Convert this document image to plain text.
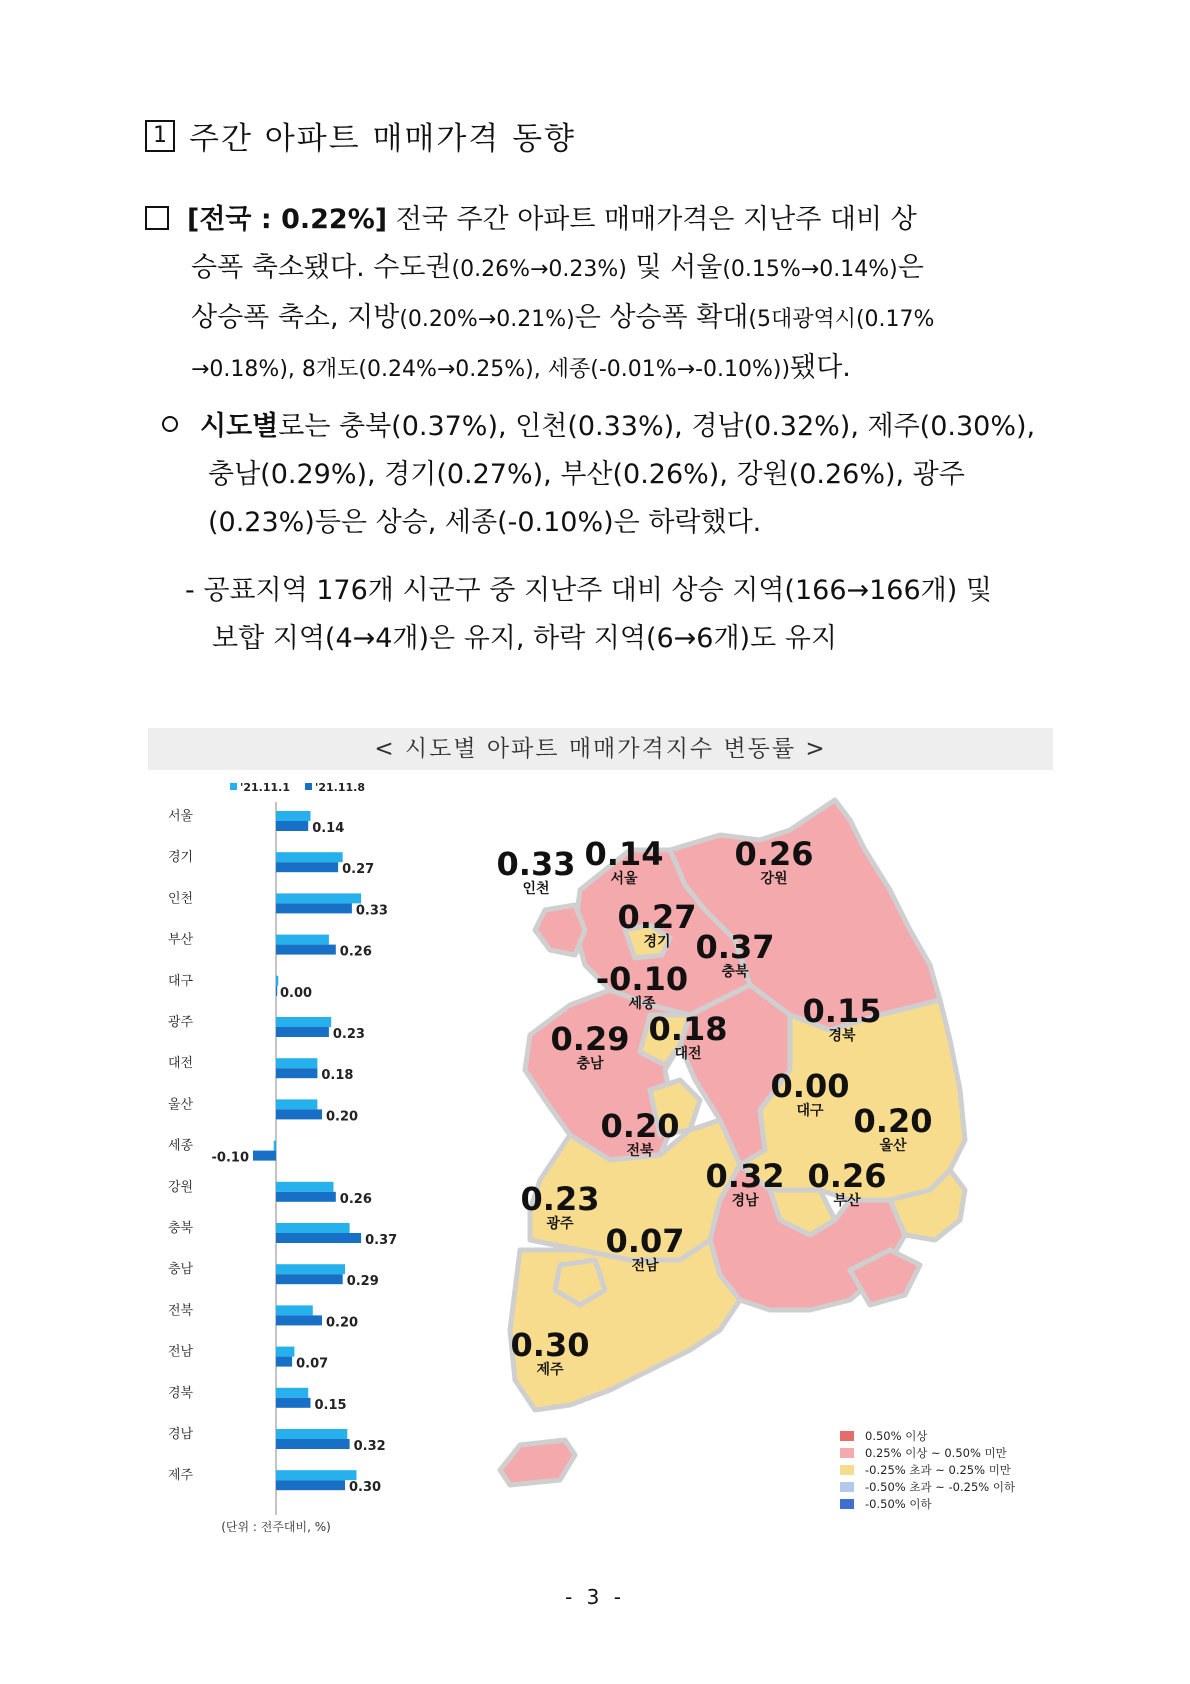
1 주간 아파트 매매가격 동향
[전국 : 0.22%] 전국 주간 아파트 매매가격은 지난주 대비 상
승폭 축소됐다. 수도권(0.26%→0.23%) 및 서울(0.15%→0.14%)은
상승폭 축소, 지방(0.20%→0.21%)은 상승폭 확대(5대광역시(0.17%
→0.18%), 8개도(0.24%→0.25%), 세종(-0.01%→-0.10%))됐다.
시도별로는 충북(0.37%), 인천(0.33%), 경남(0.32%), 제주(0.30%),
충남(0.29%), 경기(0.27%), 부산(0.26%), 강원(0.26%), 광주
(0.23%)등은 상승, 세종(-0.10%)은 하락했다.
- 공표지역 176개 시군구 중 지난주 대비 상승 지역(166→166개) 및
보합 지역(4→4개)은 유지, 하락 지역(6→6개)도 유지
< 시도별 아파트 매매가격지수 변동률 >
'21.11.1 '21.11.8
서울
0.14
경기
0.27
인천
0.33
부산
0.26
대구
0.00
광주
0.23
대전
0.18
울산
0.20
세종
-0.10
강원
0.26
충북
0.37
충남
0.29
전북
0.20
전남
0.07
경북
0.15
경남
0.32
제주
0.30
(단위 : 전주대비, %)
0.14
서울
0.33
인천
0.27
경기
0.26
강원
0.37
충북
-0.10
세종
0.29
충남
0.18
대전
0.15
경북
0.00
대구 0.20
울산
0.20
전북
0.32
경남
0.26
부산
0.23
광주 0.07
전남
0.30
제주
0.50% 이상
0.25% 이상 ~ 0.50% 미만
-0.25% 초과 ~ 0.25% 미만
-0.50% 초과 ~ -0.25% 이하
-0.50% 이하
- 3 -
